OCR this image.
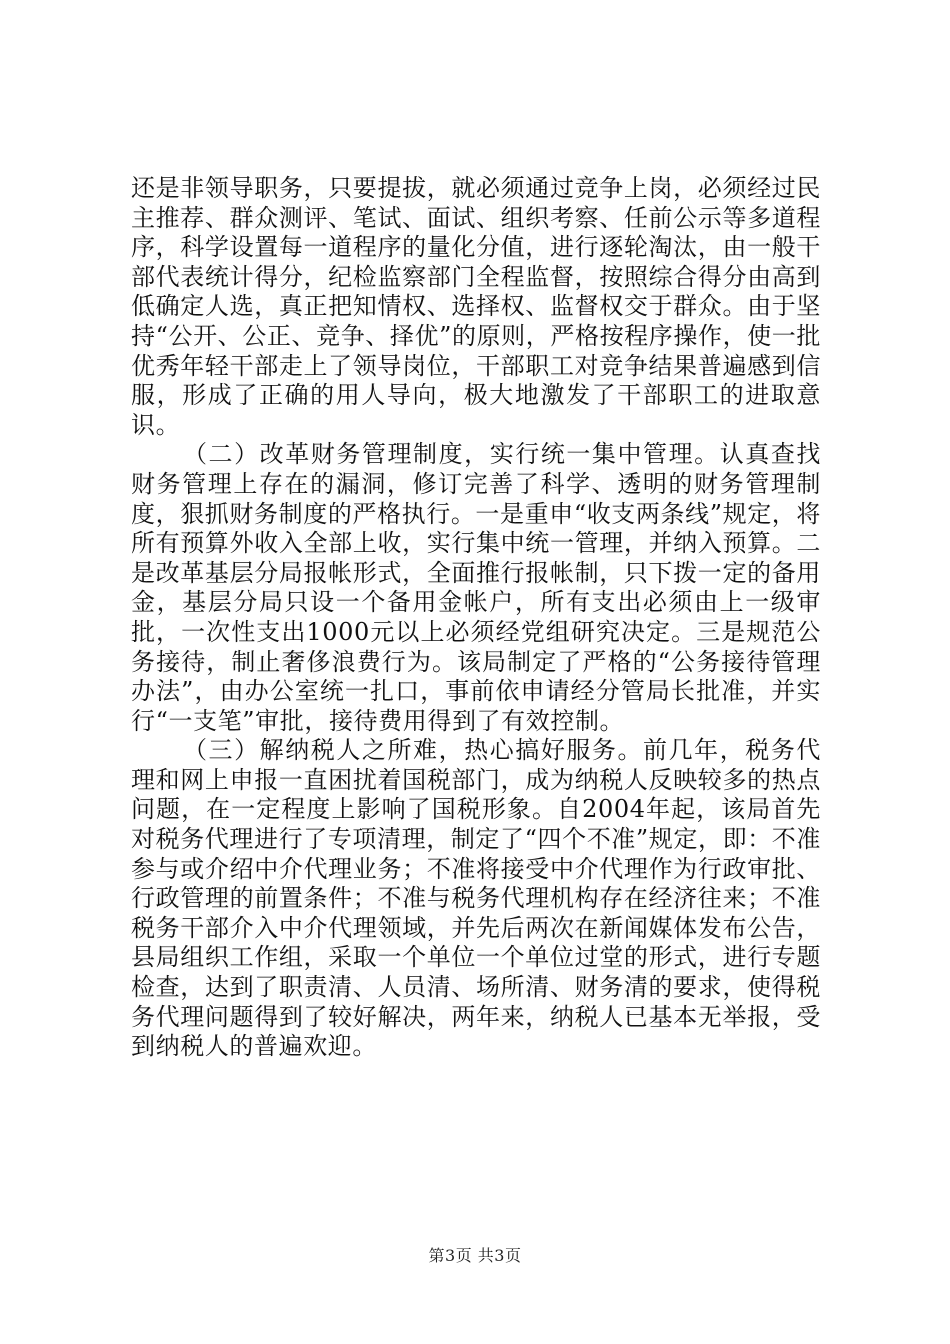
还是非领导职务，只要提拔，就必须通过竞争上岗，必须经过民主推荐、群众测评、笔试、面试、组织考察、任前公示等多道程序，科学设置每一道程序的量化分值，进行逐轮淘汰，由一般干部代表统计得分，纪检监察部门全程监督，按照综合得分由高到低确定人选，真正把知情权、选择权、监督权交于群众。由于坚持“公开、公正、竞争、择优”的原则，严格按程序操作，使一批优秀年轻干部走上了领导岗位，干部职工对竞争结果普遍感到信服，形成了正确的用人导向，极大地激发了干部职工的进取意识。

（二）改革财务管理制度，实行统一集中管理。认真查找财务管理上存在的漏洞，修订完善了科学、透明的财务管理制度，狠抓财务制度的严格执行。一是重申“收支两条线”规定，将所有预算外收入全部上收，实行集中统一管理，并纳入预算。二是改革基层分局报帐形式，全面推行报帐制，只下拨一定的备用金，基层分局只设一个备用金帐户，所有支出必须由上一级审批，一次性支出1000元以上必须经党组研究决定。三是规范公务接待，制止奢侈浪费行为。该局制定了严格的“公务接待管理办法”，由办公室统一扎口，事前依申请经分管局长批准，并实行“一支笔”审批，接待费用得到了有效控制。

（三）解纳税人之所难，热心搞好服务。前几年，税务代理和网上申报一直困扰着国税部门，成为纳税人反映较多的热点问题，在一定程度上影响了国税形象。自2004年起，该局首先对税务代理进行了专项清理，制定了“四个不准”规定，即：不准参与或介绍中介代理业务；不准将接受中介代理作为行政审批、行政管理的前置条件；不准与税务代理机构存在经济往来；不准税务干部介入中介代理领域，并先后两次在新闻媒体发布公告，县局组织工作组，采取一个单位一个单位过堂的形式，进行专题检查，达到了职责清、人员清、场所清、财务清的要求，使得税务代理问题得到了较好解决，两年来，纳税人已基本无举报，受到纳税人的普遍欢迎。

第3页 共3页
